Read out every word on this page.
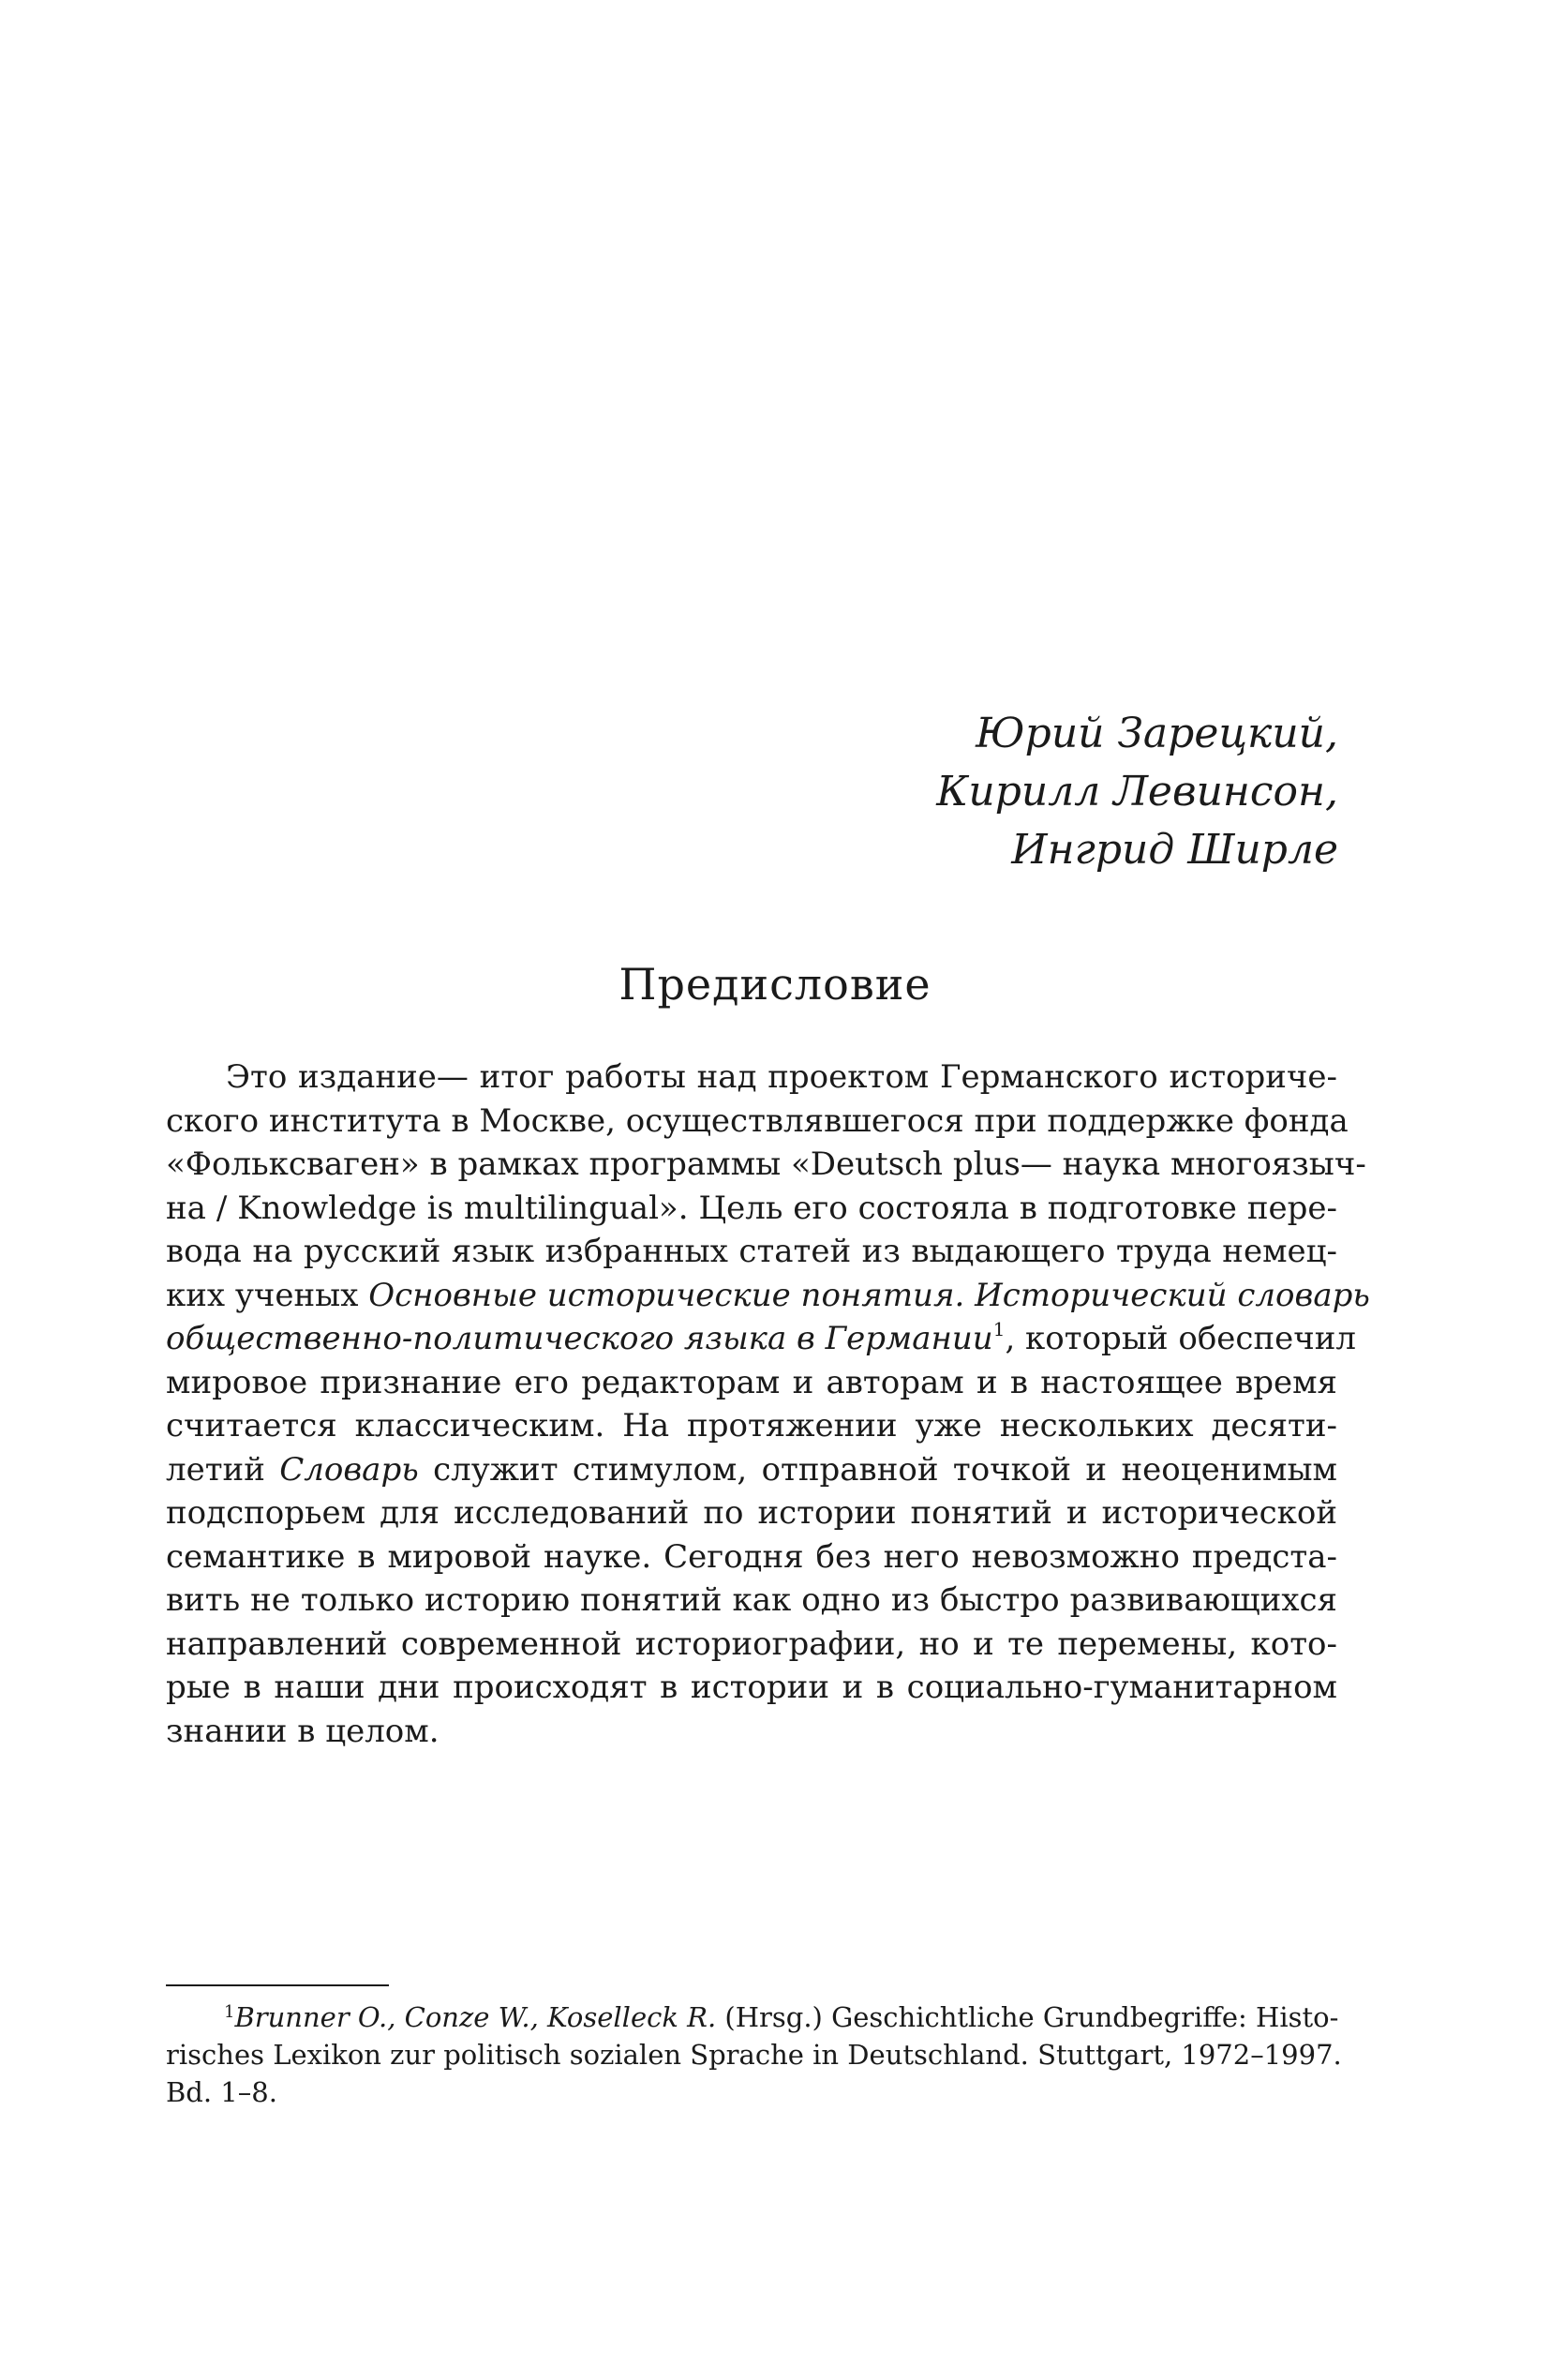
Юрий Зарецкий,
Кирилл Левинсон,
Ингрид Ширле
Предисловие
Это издание— итог работы над проектом Германского историче-
ского института в Москве, осуществлявшегося при поддержке фонда
«Фольксваген» в рамках программы «Deutsch plus— наука многоязыч-
на / Knowledge is multilingual». Цель его состояла в подготовке пере-
вода на русский язык избранных статей из выдающего труда немец-
ких ученых Основные исторические понятия. Исторический словарь
общественно-политического языка в Германии$^1$, который обеспечил
мировое признание его редакторам и авторам и в настоящее время
считается классическим. На протяжении уже нескольких десяти-
летий Словарь служит стимулом, отправной точкой и неоценимым
подспорьем для исследований по истории понятий и исторической
семантике в мировой науке. Сегодня без него невозможно предста-
вить не только историю понятий как одно из быстро развивающихся
направлений современной историографии, но и те перемены, кото-
рые в наши дни происходят в истории и в социально-гуманитарном
знании в целом.
$^1$Brunner O., Conze W., Koselleck R. (Hrsg.) Geschichtliche Grundbegriffe: Histo-
risches Lexikon zur politisch sozialen Sprache in Deutschland. Stuttgart, 1972–1997.
Bd. 1–8.
